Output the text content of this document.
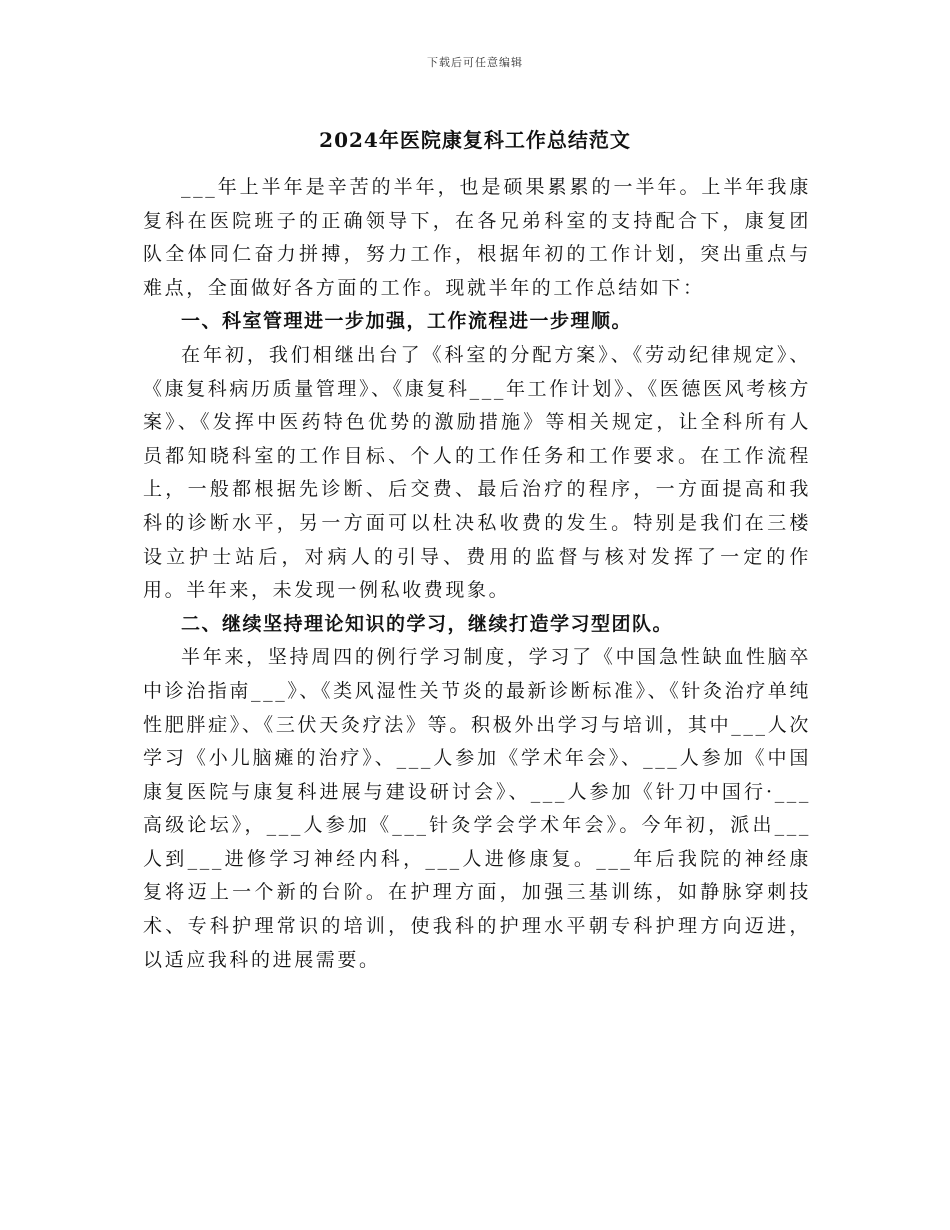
下载后可任意编辑
2024年医院康复科工作总结范文

___年上半年是辛苦的半年，也是硕果累累的一半年。上半年我康复科在医院班子的正确领导下，在各兄弟科室的支持配合下，康复团队全体同仁奋力拼搏，努力工作，根据年初的工作计划，突出重点与难点，全面做好各方面的工作。现就半年的工作总结如下：

一、科室管理进一步加强，工作流程进一步理顺。

在年初，我们相继出台了《科室的分配方案》、《劳动纪律规定》、《康复科病历质量管理》、《康复科___年工作计划》、《医德医风考核方案》、《发挥中医药特色优势的激励措施》等相关规定，让全科所有人员都知晓科室的工作目标、个人的工作任务和工作要求。在工作流程上，一般都根据先诊断、后交费、最后治疗的程序，一方面提高和我科的诊断水平，另一方面可以杜决私收费的发生。特别是我们在三楼设立护士站后，对病人的引导、费用的监督与核对发挥了一定的作用。半年来，未发现一例私收费现象。

二、继续坚持理论知识的学习，继续打造学习型团队。

半年来，坚持周四的例行学习制度，学习了《中国急性缺血性脑卒中诊治指南___》、《类风湿性关节炎的最新诊断标准》、《针灸治疗单纯性肥胖症》、《三伏天灸疗法》等。积极外出学习与培训，其中___人次学习《小儿脑瘫的治疗》、___人参加《学术年会》、___人参加《中国康复医院与康复科进展与建设研讨会》、___人参加《针刀中国行·___高级论坛》，___人参加《___针灸学会学术年会》。今年初，派出___人到___进修学习神经内科，___人进修康复。___年后我院的神经康复将迈上一个新的台阶。在护理方面，加强三基训练，如静脉穿刺技术、专科护理常识的培训，使我科的护理水平朝专科护理方向迈进，以适应我科的进展需要。
